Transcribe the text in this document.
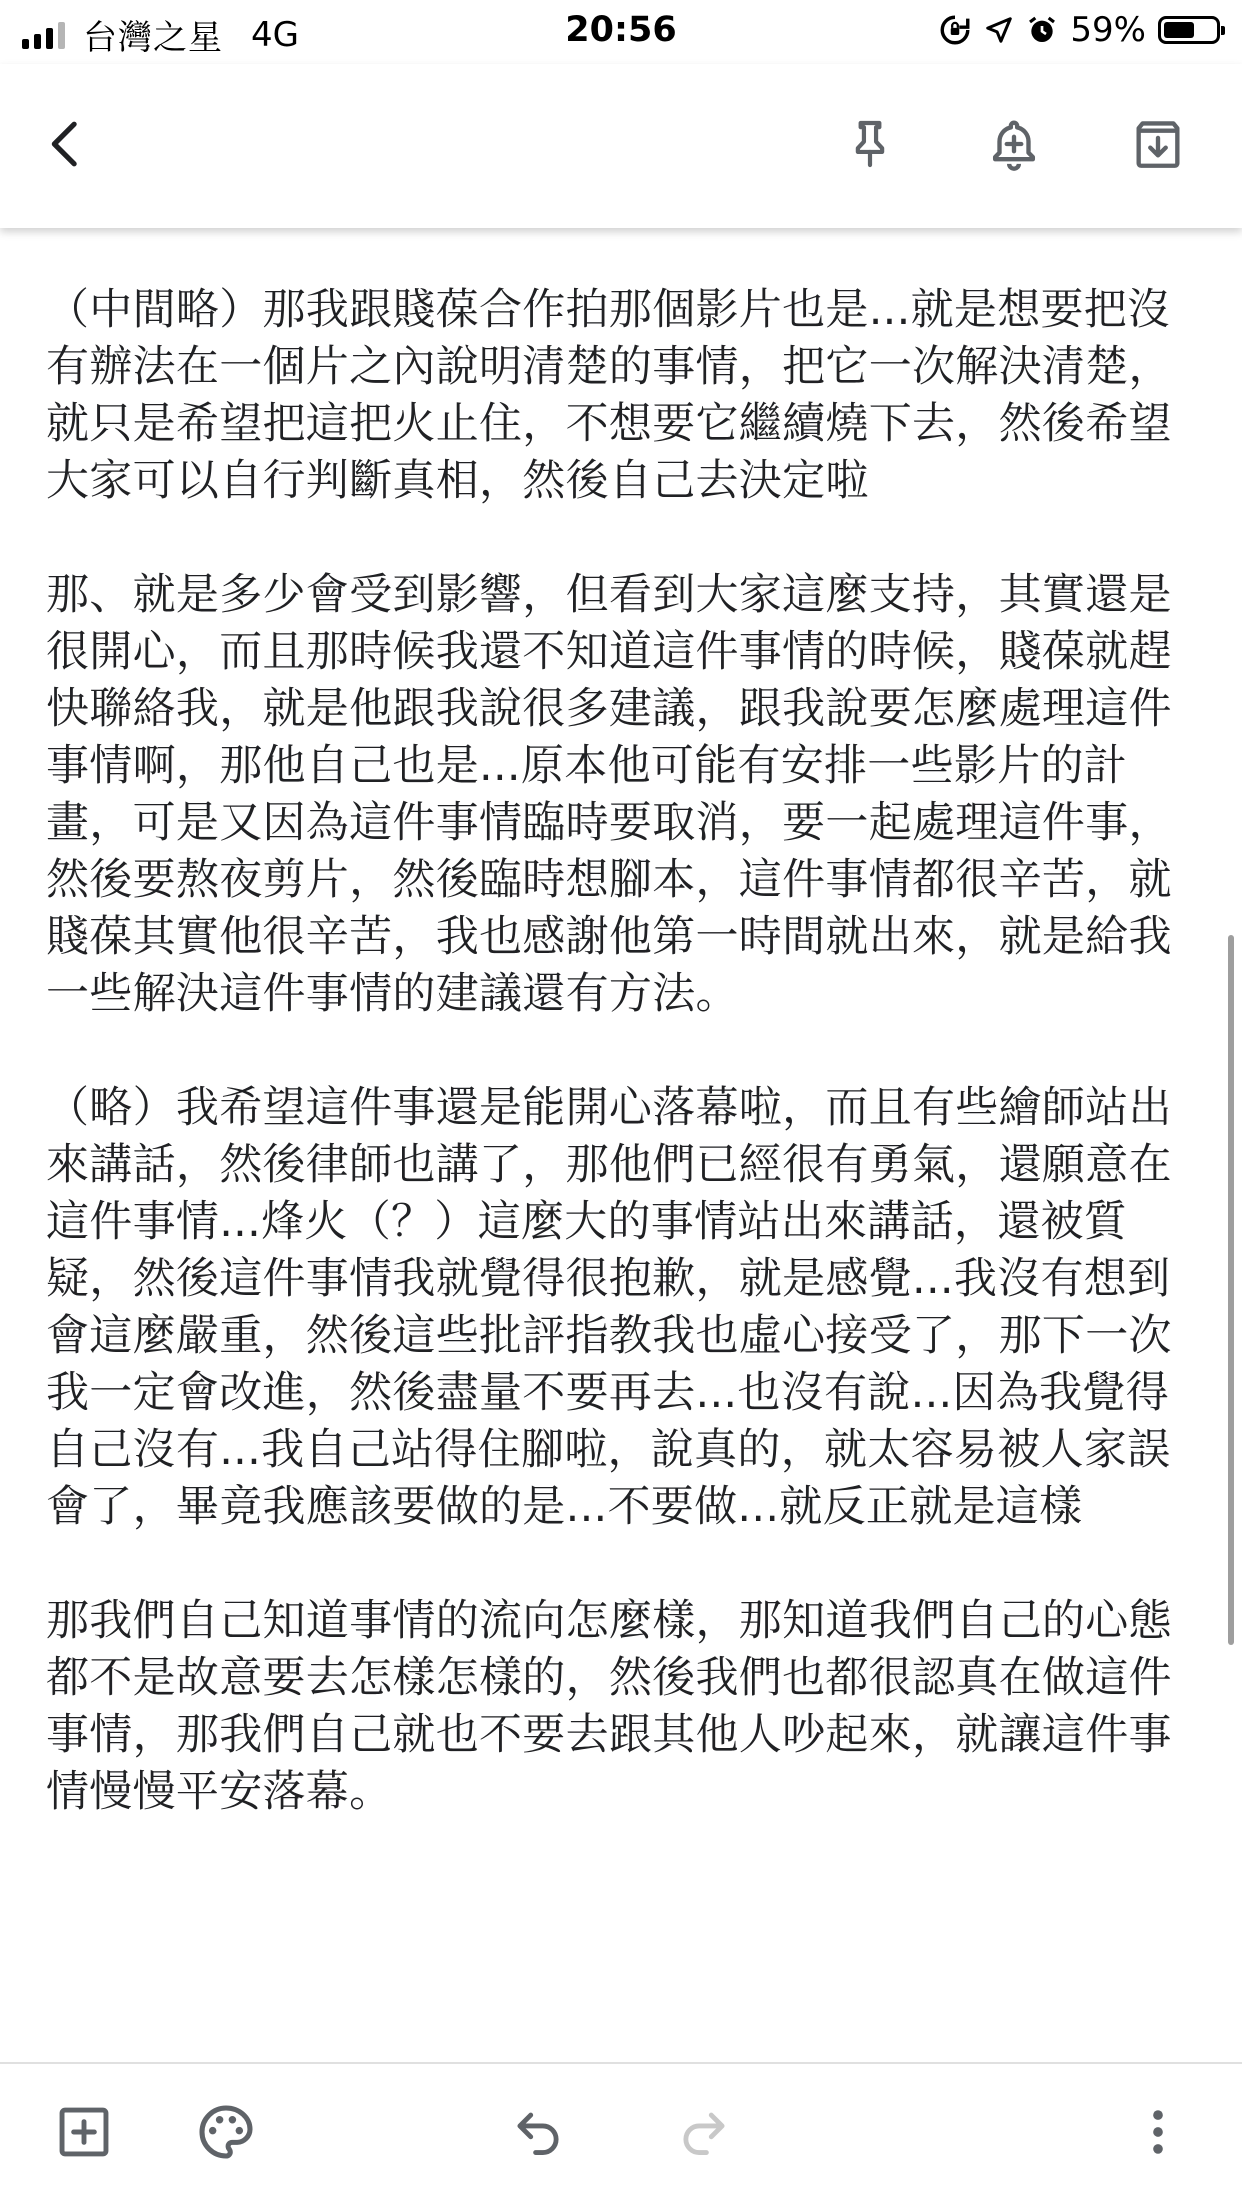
台灣之星 4G	20:56	59%

（中間略）那我跟賤葆合作拍那個影片也是...就是想要把沒有辦法在一個片之內說明清楚的事情，把它一次解決清楚，就只是希望把這把火止住，不想要它繼續燒下去，然後希望大家可以自行判斷真相，然後自己去決定啦

那、就是多少會受到影響，但看到大家這麼支持，其實還是很開心，而且那時候我還不知道這件事情的時候，賤葆就趕快聯絡我，就是他跟我說很多建議，跟我說要怎麼處理這件事情啊，那他自己也是...原本他可能有安排一些影片的計畫，可是又因為這件事情臨時要取消，要一起處理這件事，然後要熬夜剪片，然後臨時想腳本，這件事情都很辛苦，就賤葆其實他很辛苦，我也感謝他第一時間就出來，就是給我一些解決這件事情的建議還有方法。

（略）我希望這件事還是能開心落幕啦，而且有些繪師站出來講話，然後律師也講了，那他們已經很有勇氣，還願意在這件事情...烽火（？）這麼大的事情站出來講話，還被質疑，然後這件事情我就覺得很抱歉，就是感覺...我沒有想到會這麼嚴重，然後這些批評指教我也虛心接受了，那下一次我一定會改進，然後盡量不要再去...也沒有說...因為我覺得自己沒有...我自己站得住腳啦，說真的，就太容易被人家誤會了，畢竟我應該要做的是...不要做...就反正就是這樣

那我們自己知道事情的流向怎麼樣，那知道我們自己的心態都不是故意要去怎樣怎樣的，然後我們也都很認真在做這件事情，那我們自己就也不要去跟其他人吵起來，就讓這件事情慢慢平安落幕。
